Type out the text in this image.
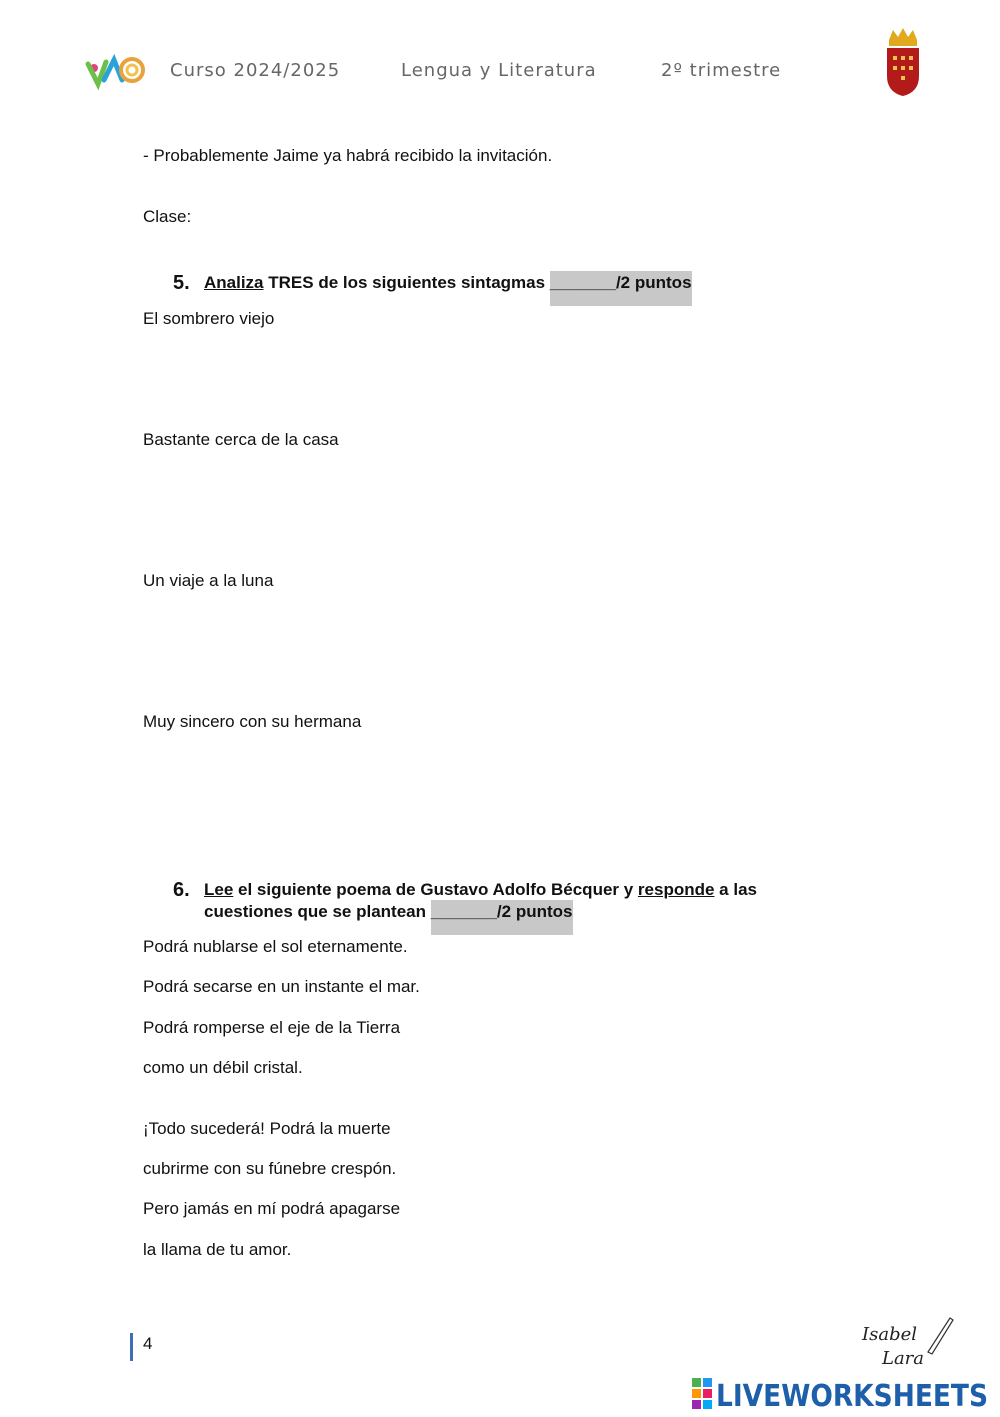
Curso 2024/2025	Lengua y Literatura	2º trimestre
- Probablemente Jaime ya habrá recibido la invitación.
Clase:
5. Analiza TRES de los siguientes sintagmas _______/2 puntos
El sombrero viejo
Bastante cerca de la casa
Un viaje a la luna
Muy sincero con su hermana
6. Lee el siguiente poema de Gustavo Adolfo Bécquer y responde a las
cuestiones que se plantean _______/2 puntos
Podrá nublarse el sol eternamente.
Podrá secarse en un instante el mar.
Podrá romperse el eje de la Tierra
como un débil cristal.
¡Todo sucederá! Podrá la muerte
cubrirme con su fúnebre crespón.
Pero jamás en mí podrá apagarse
la llama de tu amor.
4	Isabel
Lara
LIVEWORKSHEETS
